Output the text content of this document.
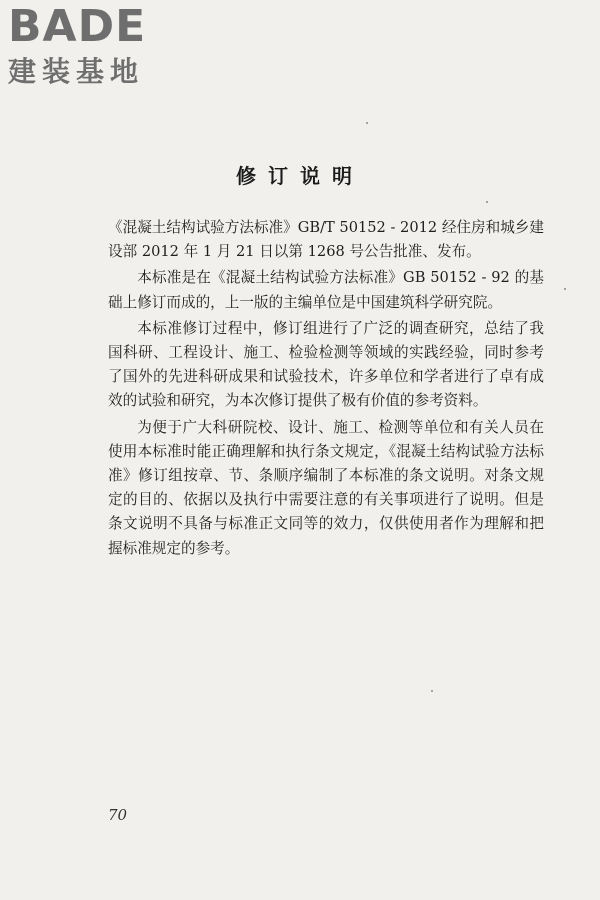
BADE
建装基地
修订说明

《混凝土结构试验方法标准》GB/T 50152 - 2012 经住房和城乡建设部 2012 年 1 月 21 日以第 1268 号公告批准、发布。

本标准是在《混凝土结构试验方法标准》GB 50152 - 92 的基础上修订而成的，上一版的主编单位是中国建筑科学研究院。

本标准修订过程中，修订组进行了广泛的调查研究，总结了我国科研、工程设计、施工、检验检测等领域的实践经验，同时参考了国外的先进科研成果和试验技术，许多单位和学者进行了卓有成效的试验和研究，为本次修订提供了极有价值的参考资料。

为便于广大科研院校、设计、施工、检测等单位和有关人员在使用本标准时能正确理解和执行条文规定，《混凝土结构试验方法标准》修订组按章、节、条顺序编制了本标准的条文说明。对条文规定的目的、依据以及执行中需要注意的有关事项进行了说明。但是条文说明不具备与标准正文同等的效力，仅供使用者作为理解和把握标准规定的参考。

70
